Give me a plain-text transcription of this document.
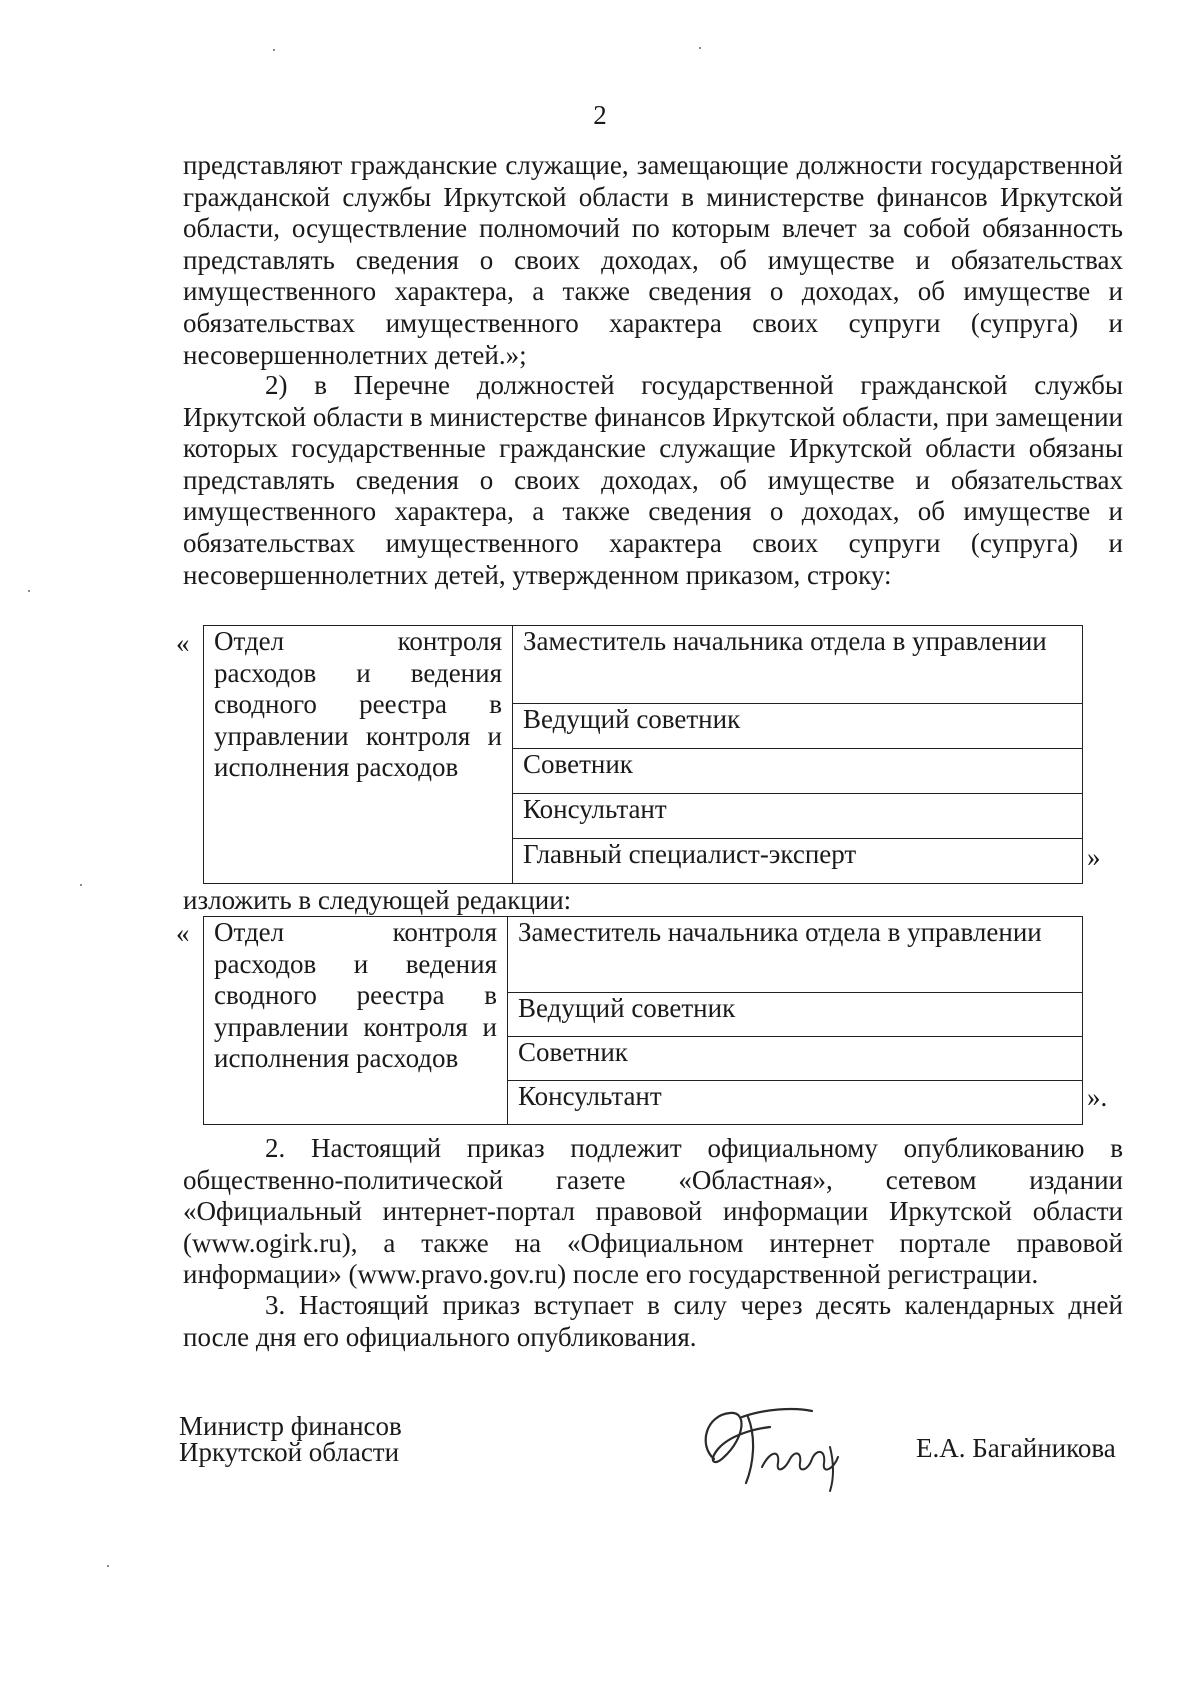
2
представляют гражданские служащие, замещающие должности государственной гражданской службы Иркутской области в министерстве финансов Иркутской области, осуществление полномочий по которым влечет за собой обязанность представлять сведения о своих доходах, об имуществе и обязательствах имущественного характера, а также сведения о доходах, об имуществе и обязательствах имущественного характера своих супруги (супруга) и несовершеннолетних детей.»;
2) в Перечне должностей государственной гражданской службы Иркутской области в министерстве финансов Иркутской области, при замещении которых государственные гражданские служащие Иркутской области обязаны представлять сведения о своих доходах, об имуществе и обязательствах имущественного характера, а также сведения о доходах, об имуществе и обязательствах имущественного характера своих супруги (супруга) и несовершеннолетних детей, утвержденном приказом, строку:
« Отдел контроля расходов и ведения сводного реестра в управлении контроля и исполнения расходов	Заместитель начальника отдела в управлении
Ведущий советник
Советник
Консультант
Главный специалист-эксперт	»
изложить в следующей редакции:
« Отдел контроля расходов и ведения сводного реестра в управлении контроля и исполнения расходов	Заместитель начальника отдела в управлении
Ведущий советник
Советник
Консультант	».
2. Настоящий приказ подлежит официальному опубликованию в общественно-политической газете «Областная», сетевом издании «Официальный интернет-портал правовой информации Иркутской области (www.ogirk.ru), а также на «Официальном интернет портале правовой информации» (www.pravo.gov.ru) после его государственной регистрации.
3. Настоящий приказ вступает в силу через десять календарных дней после дня его официального опубликования.
Министр финансов
Иркутской области	Е.А. Багайникова
